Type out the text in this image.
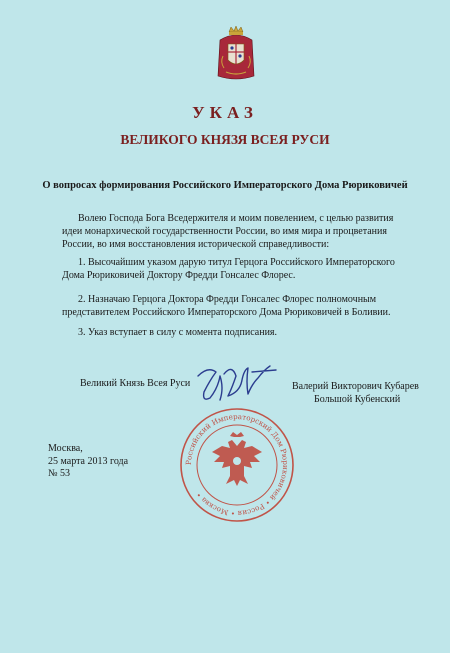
УКАЗ
ВЕЛИКОГО КНЯЗЯ ВСЕЯ РУСИ
О вопросах формирования Российского Императорского Дома Рюриковичей
Волею Господа Бога Вседержителя и моим повелением, с целью развития идеи монархической государственности России, во имя мира и процветания России, во имя восстановления исторической справедливости:
1. Высочайшим указом дарую титул Герцога Российского Императорского Дома Рюриковичей Доктору Фредди Гонсалес Флорес.
2. Назначаю Герцога Доктора Фредди Гонсалес Флорес полномочным представителем Российского Императорского Дома Рюриковичей в Боливии.
3. Указ вступает в силу с момента подписания.
Великий Князь Всея Руси	Валерий Викторович Кубарев
Большой Кубенский
Москва,
25 марта 2013 года
№ 53
Российский Императорский Дом Рюриковичей • Россия • Москва •
